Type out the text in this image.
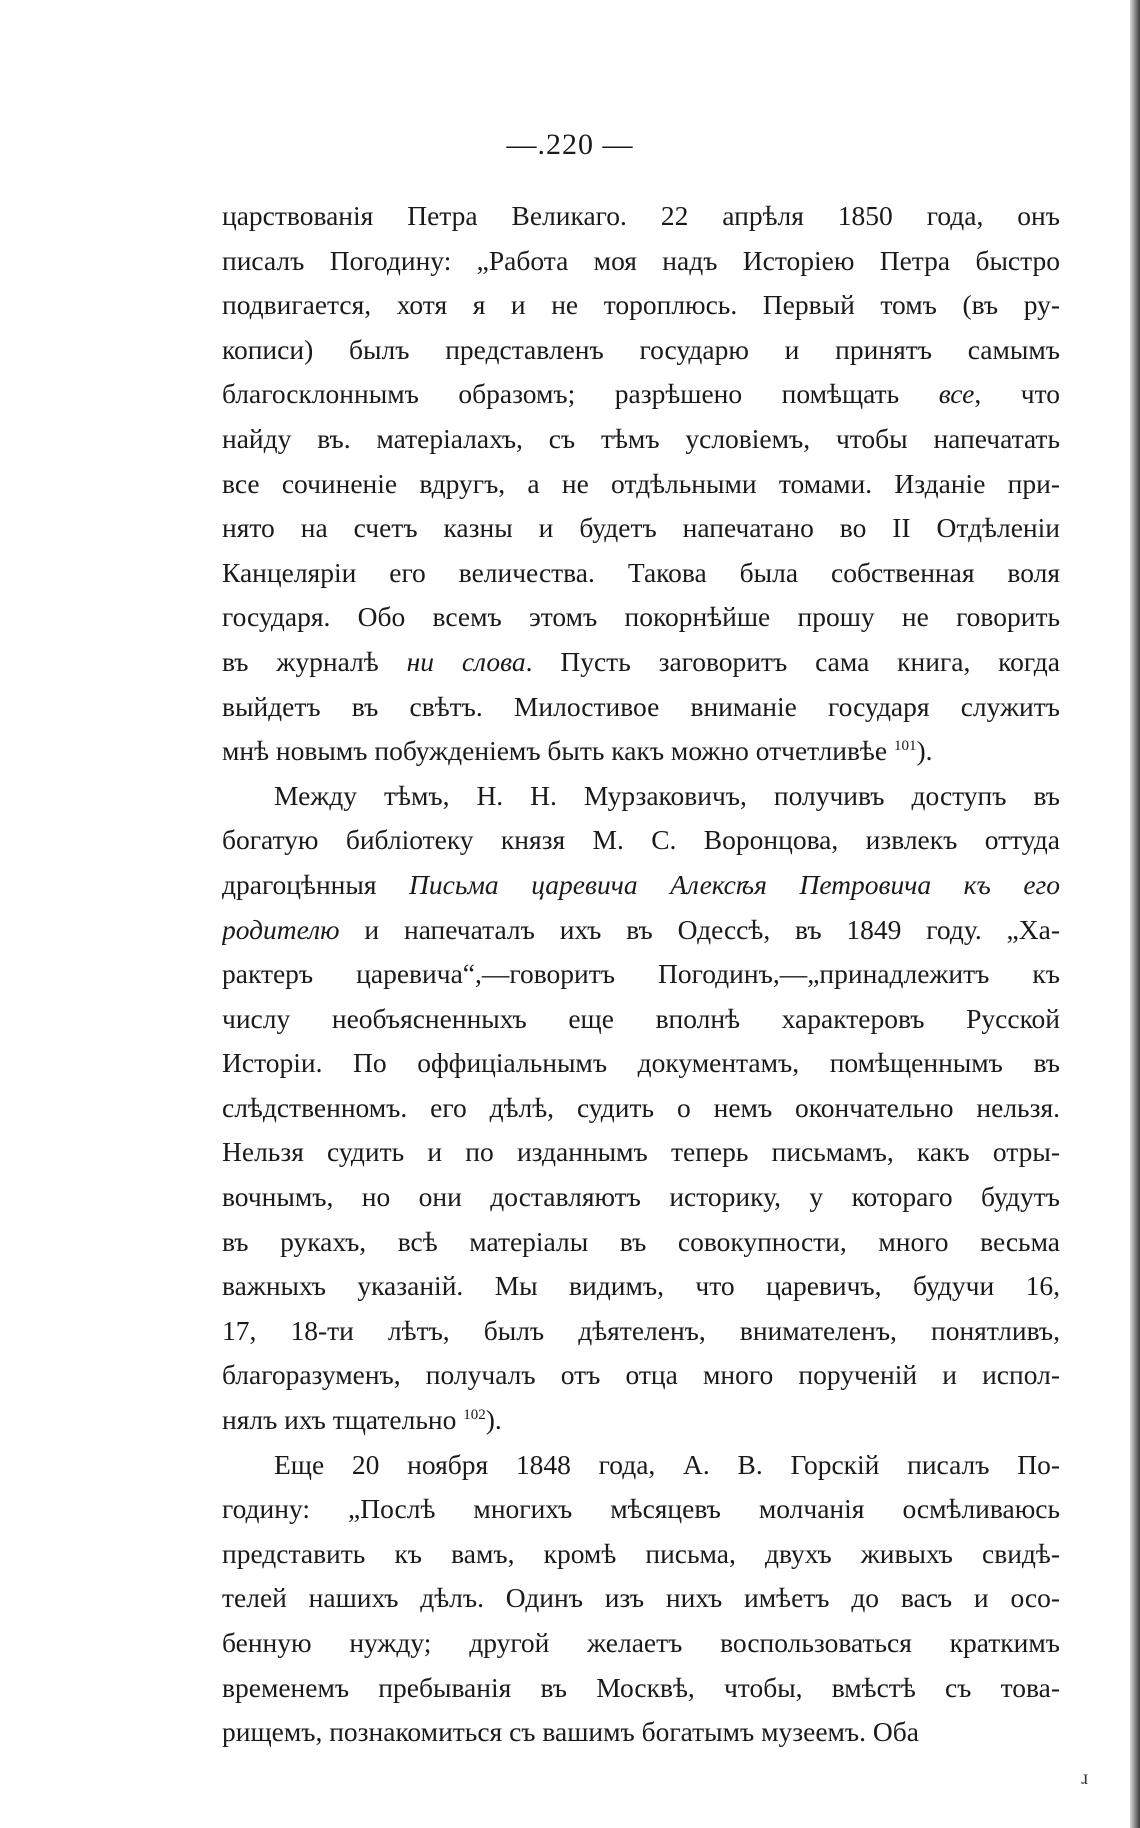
—.220 —
царствованія Петра Великаго. 22 апрѣля 1850 года, онъ
писалъ Погодину: „Работа моя надъ Исторіею Петра быстро
подвигается, хотя я и не тороплюсь. Первый томъ (въ ру-
кописи) былъ представленъ государю и принятъ самымъ
благосклоннымъ образомъ; разрѣшено помѣщать все, что
найду въ. матеріалахъ, съ тѣмъ условіемъ, чтобы напечатать
все сочиненіе вдругъ, а не отдѣльными томами. Изданіе при-
нято на счетъ казны и будетъ напечатано во II Отдѣленіи
Канцеляріи его величества. Такова была собственная воля
государя. Обо всемъ этомъ покорнѣйше прошу не говорить
въ журналѣ ни слова. Пусть заговоритъ сама книга, когда
выйдетъ въ свѣтъ. Милостивое вниманіе государя служитъ
мнѣ новымъ побужденіемъ быть какъ можно отчетливѣе $^{101}$).
Между тѣмъ, Н. Н. Мурзаковичъ, получивъ доступъ въ
богатую библіотеку князя М. С. Воронцова, извлекъ оттуда
драгоцѣнныя Письма царевича Алексѣя Петровича къ его
родителю и напечаталъ ихъ въ Одессѣ, въ 1849 году. „Ха-
рактеръ царевича“,—говоритъ Погодинъ,—„принадлежитъ къ
числу необъясненныхъ еще вполнѣ характеровъ Русской
Исторіи. По оффиціальнымъ документамъ, помѣщеннымъ въ
слѣдственномъ. его дѣлѣ, судить о немъ окончательно нельзя.
Нельзя судить и по изданнымъ теперь письмамъ, какъ отры-
вочнымъ, но они доставляютъ историку, у котораго будутъ
въ рукахъ, всѣ матеріалы въ совокупности, много весьма
важныхъ указаній. Мы видимъ, что царевичъ, будучи 16,
17, 18-ти лѣтъ, былъ дѣятеленъ, внимателенъ, понятливъ,
благоразуменъ, получалъ отъ отца много порученій и испол-
нялъ ихъ тщательно $^{102}$).
Еще 20 ноября 1848 года, А. В. Горскій писалъ По-
годину: „Послѣ многихъ мѣсяцевъ молчанія осмѣливаюсь
представить къ вамъ, кромѣ письма, двухъ живыхъ свидѣ-
телей нашихъ дѣлъ. Одинъ изъ нихъ имѣетъ до васъ и осо-
бенную нужду; другой желаетъ воспользоваться краткимъ
временемъ пребыванія въ Москвѣ, чтобы, вмѣстѣ съ това-
рищемъ, познакомиться съ вашимъ богатымъ музеемъ. Оба
ɹ
